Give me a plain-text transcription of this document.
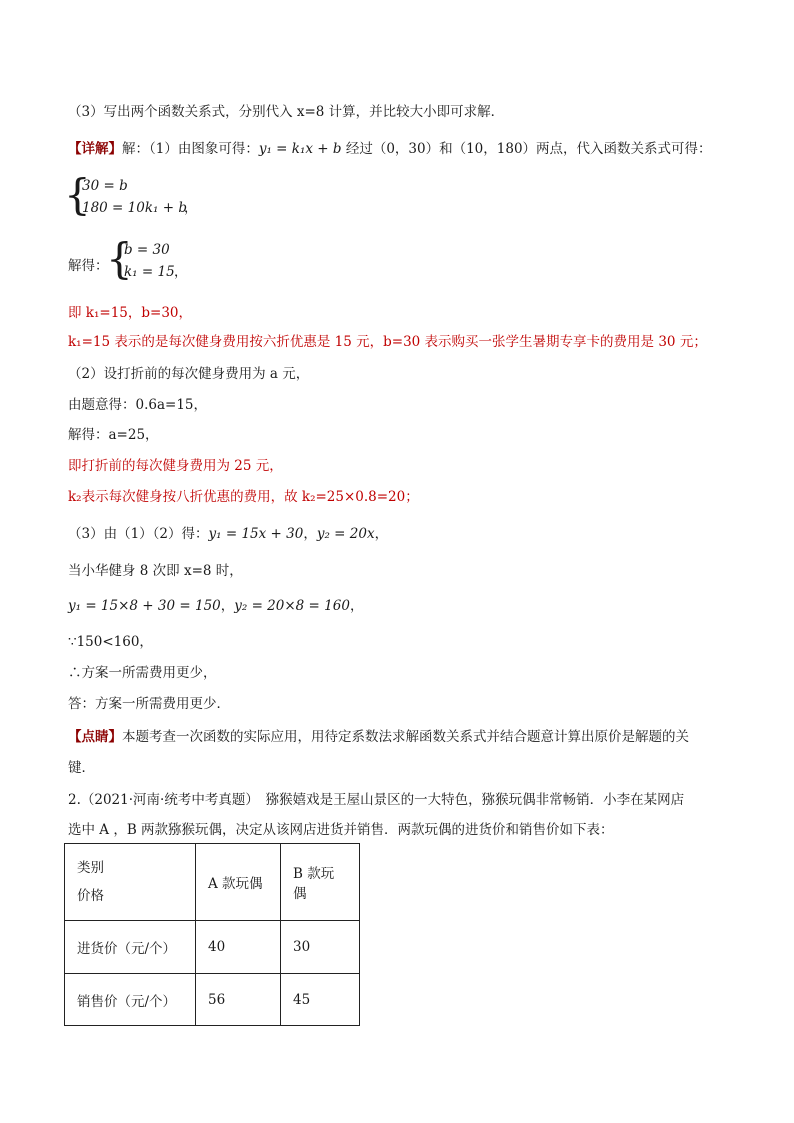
（3）写出两个函数关系式，分别代入 x=8 计算，并比较大小即可求解．
【详解】解：（1）由图象可得：y₁ = k₁x + b 经过（0，30）和（10，180）两点，代入函数关系式可得：
{
30 = b
180 = 10k₁ + b
，
解得：
{
b = 30
k₁ = 15 ，
即 k₁=15，b=30，
k₁=15 表示的是每次健身费用按六折优惠是 15 元，b=30 表示购买一张学生暑期专享卡的费用是 30 元；
（2）设打折前的每次健身费用为 a 元，
由题意得：0.6a=15，
解得：a=25，
即打折前的每次健身费用为 25 元，
k₂表示每次健身按八折优惠的费用，故 k₂=25×0.8=20；
（3）由（1）（2）得：y₁ = 15x + 30，y₂ = 20x，
当小华健身 8 次即 x=8 时，
y₁ = 15×8 + 30 = 150，y₂ = 20×8 = 160，
∵150<160，
∴方案一所需费用更少，
答：方案一所需费用更少．
【点睛】本题考查一次函数的实际应用，用待定系数法求解函数关系式并结合题意计算出原价是解题的关
键．
2.（2021·河南·统考中考真题）　猕猴嬉戏是王屋山景区的一大特色，猕猴玩偶非常畅销．小李在某网店
选中 A ，B 两款猕猴玩偶，决定从该网店进货并销售．两款玩偶的进货价和销售价如下表：
类别
价格	A 款玩偶	B 款玩偶
进货价（元/个）	40	30
销售价（元/个）	56	45
